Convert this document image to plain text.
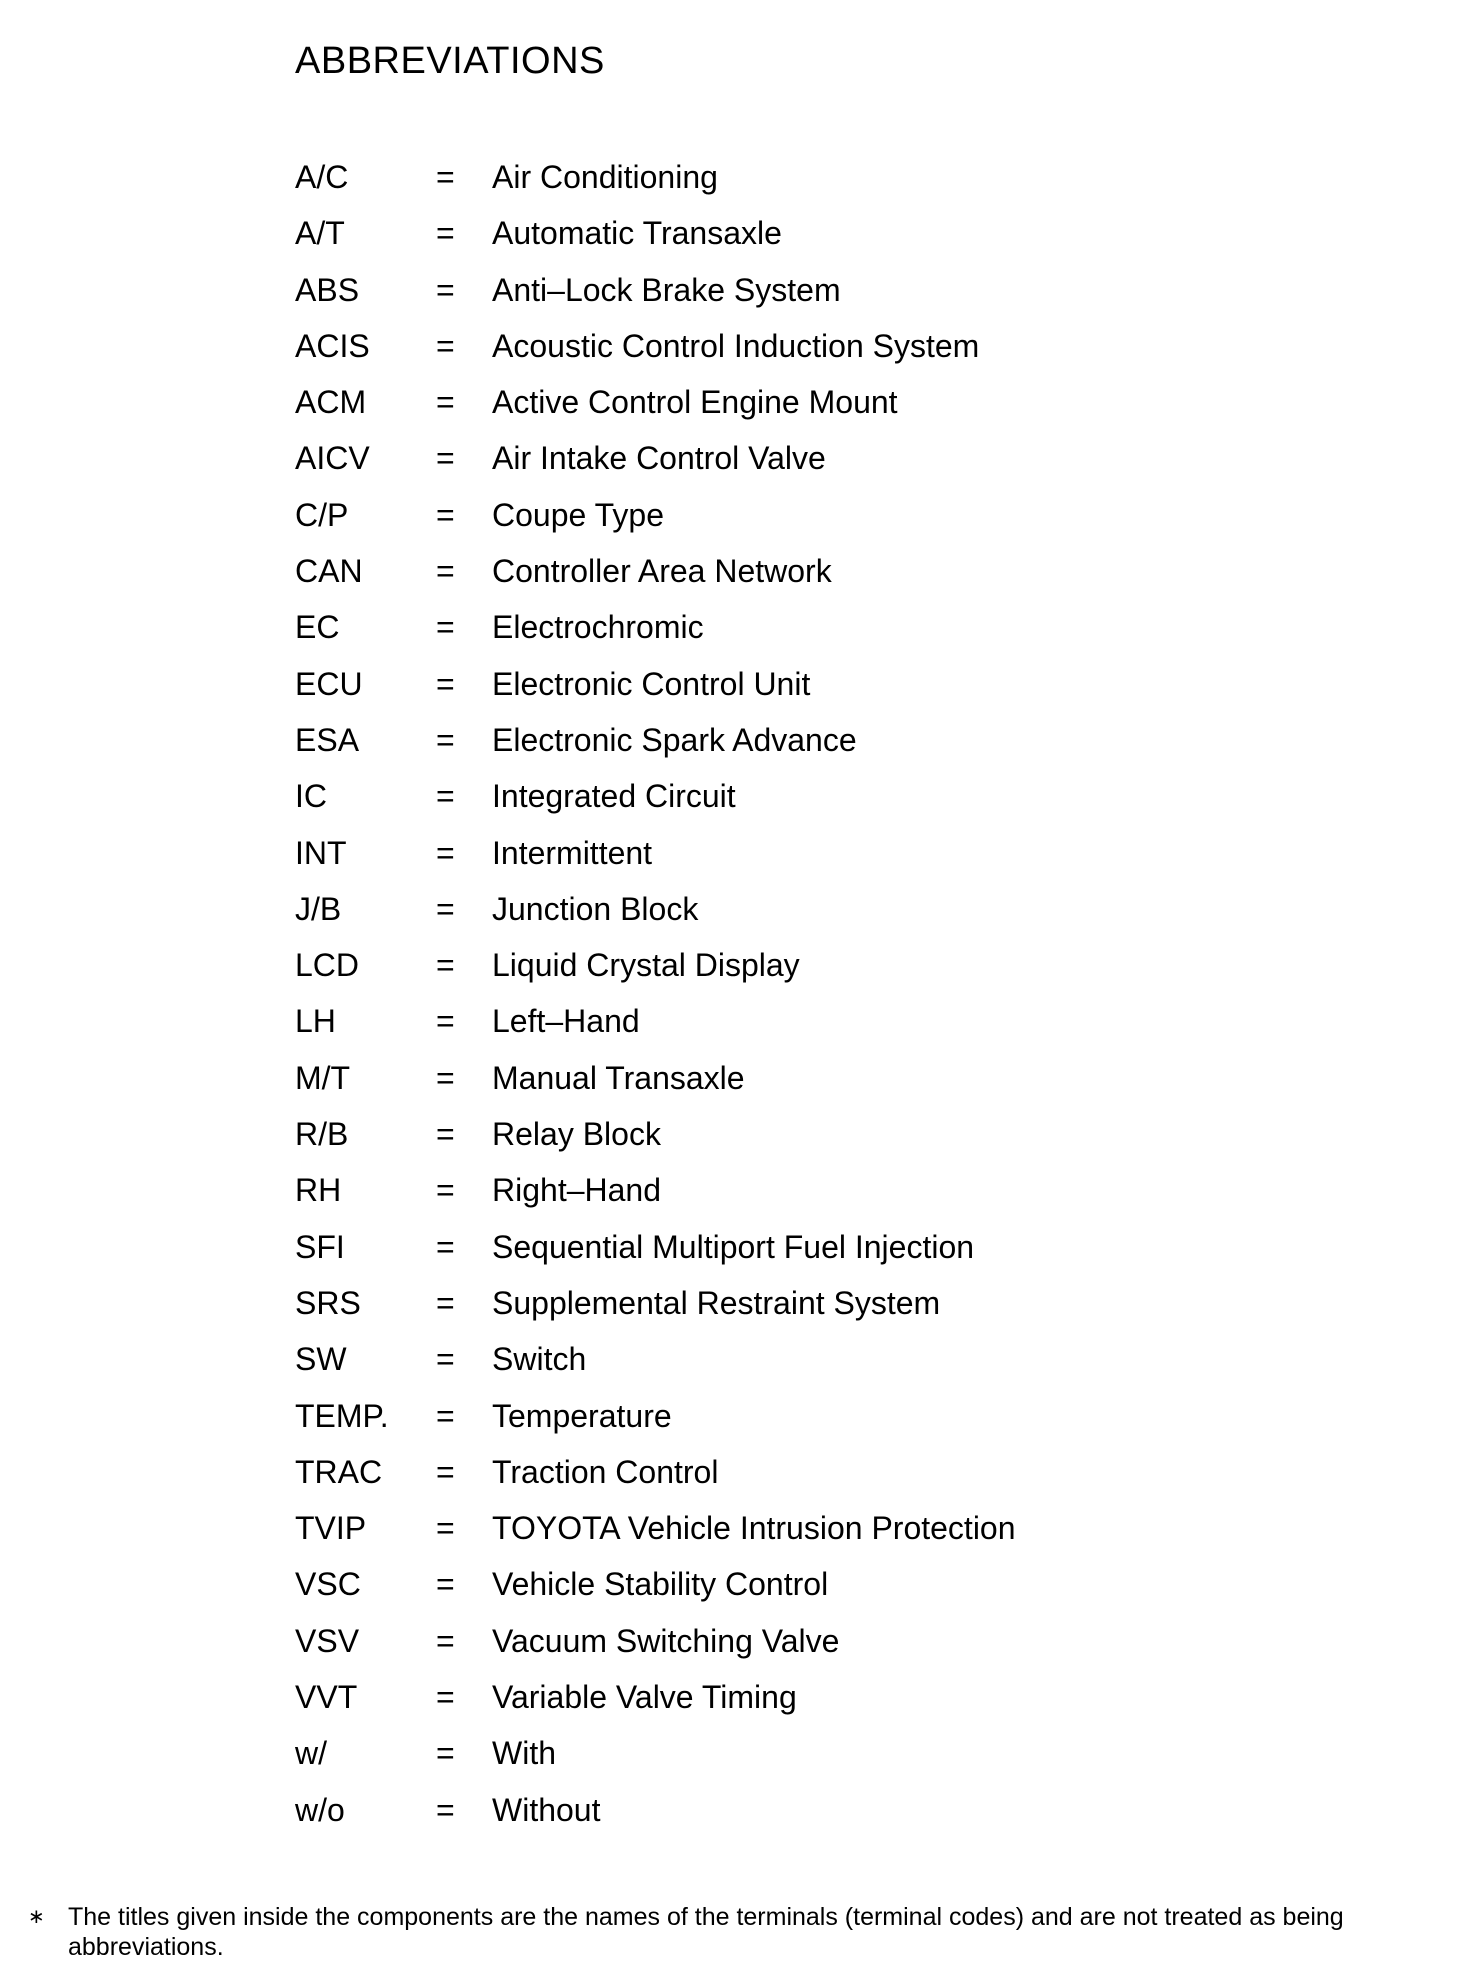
ABBREVIATIONS
A/C	= Air Conditioning
A/T	= Automatic Transaxle
ABS = Anti–Lock Brake System
ACIS = Acoustic Control Induction System
ACM = Active Control Engine Mount
AICV = Air Intake Control Valve
C/P	= Coupe Type
CAN = Controller Area Network
EC	= Electrochromic
ECU = Electronic Control Unit
ESA = Electronic Spark Advance
IC	= Integrated Circuit
INT	= Intermittent
J/B	= Junction Block
LCD = Liquid Crystal Display
LH	= Left–Hand
M/T	= Manual Transaxle
R/B	= Relay Block
RH	= Right–Hand
SFI	= Sequential Multiport Fuel Injection
SRS = Supplemental Restraint System
SW	= Switch
TEMP. = Temperature
TRAC = Traction Control
TVIP = TOYOTA Vehicle Intrusion Protection
VSC = Vehicle Stability Control
VSV = Vacuum Switching Valve
VVT = Variable Valve Timing
w/	= With
w/o	= Without
∗ The titles given inside the components are the names of the terminals (terminal codes) and are not treated as being abbreviations.
